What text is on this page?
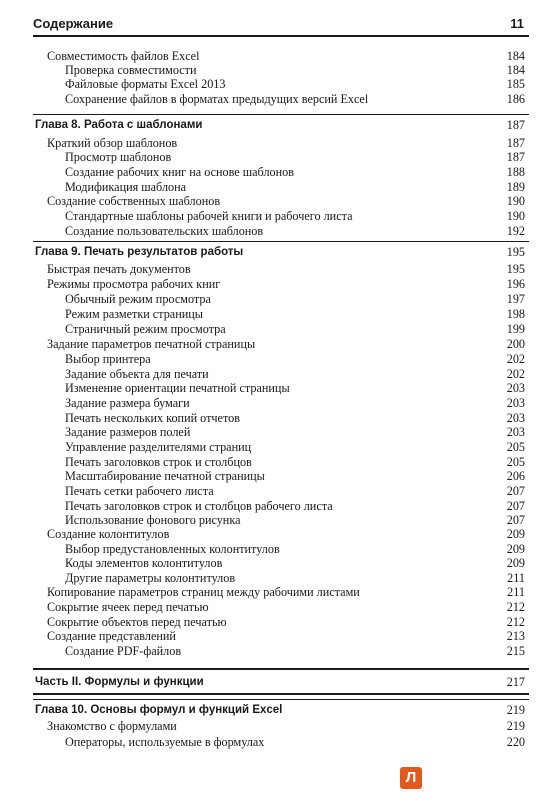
Содержание	11
Совместимость файлов Excel	184
Проверка совместимости	184
Файловые форматы Excel 2013	185
Сохранение файлов в форматах предыдущих версий Excel	186
Глава 8. Работа с шаблонами	187
Краткий обзор шаблонов	187
Просмотр шаблонов	187
Создание рабочих книг на основе шаблонов	188
Модификация шаблона	189
Создание собственных шаблонов	190
Стандартные шаблоны рабочей книги и рабочего листа	190
Создание пользовательских шаблонов	192
Глава 9. Печать результатов работы	195
Быстрая печать документов	195
Режимы просмотра рабочих книг	196
Обычный режим просмотра	197
Режим разметки страницы	198
Страничный режим просмотра	199
Задание параметров печатной страницы	200
Выбор принтера	202
Задание объекта для печати	202
Изменение ориентации печатной страницы	203
Задание размера бумаги	203
Печать нескольких копий отчетов	203
Задание размеров полей	203
Управление разделителями страниц	205
Печать заголовков строк и столбцов	205
Масштабирование печатной страницы	206
Печать сетки рабочего листа	207
Печать заголовков строк и столбцов рабочего листа	207
Использование фонового рисунка	207
Создание колонтитулов	209
Выбор предустановленных колонтитулов	209
Коды элементов колонтитулов	209
Другие параметры колонтитулов	211
Копирование параметров страниц между рабочими листами	211
Сокрытие ячеек перед печатью	212
Сокрытие объектов перед печатью	212
Создание представлений	213
Создание PDF-файлов	215
Часть II. Формулы и функции	217
Глава 10. Основы формул и функций Excel	219
Знакомство с формулами	219
Операторы, используемые в формулах	220
Л
